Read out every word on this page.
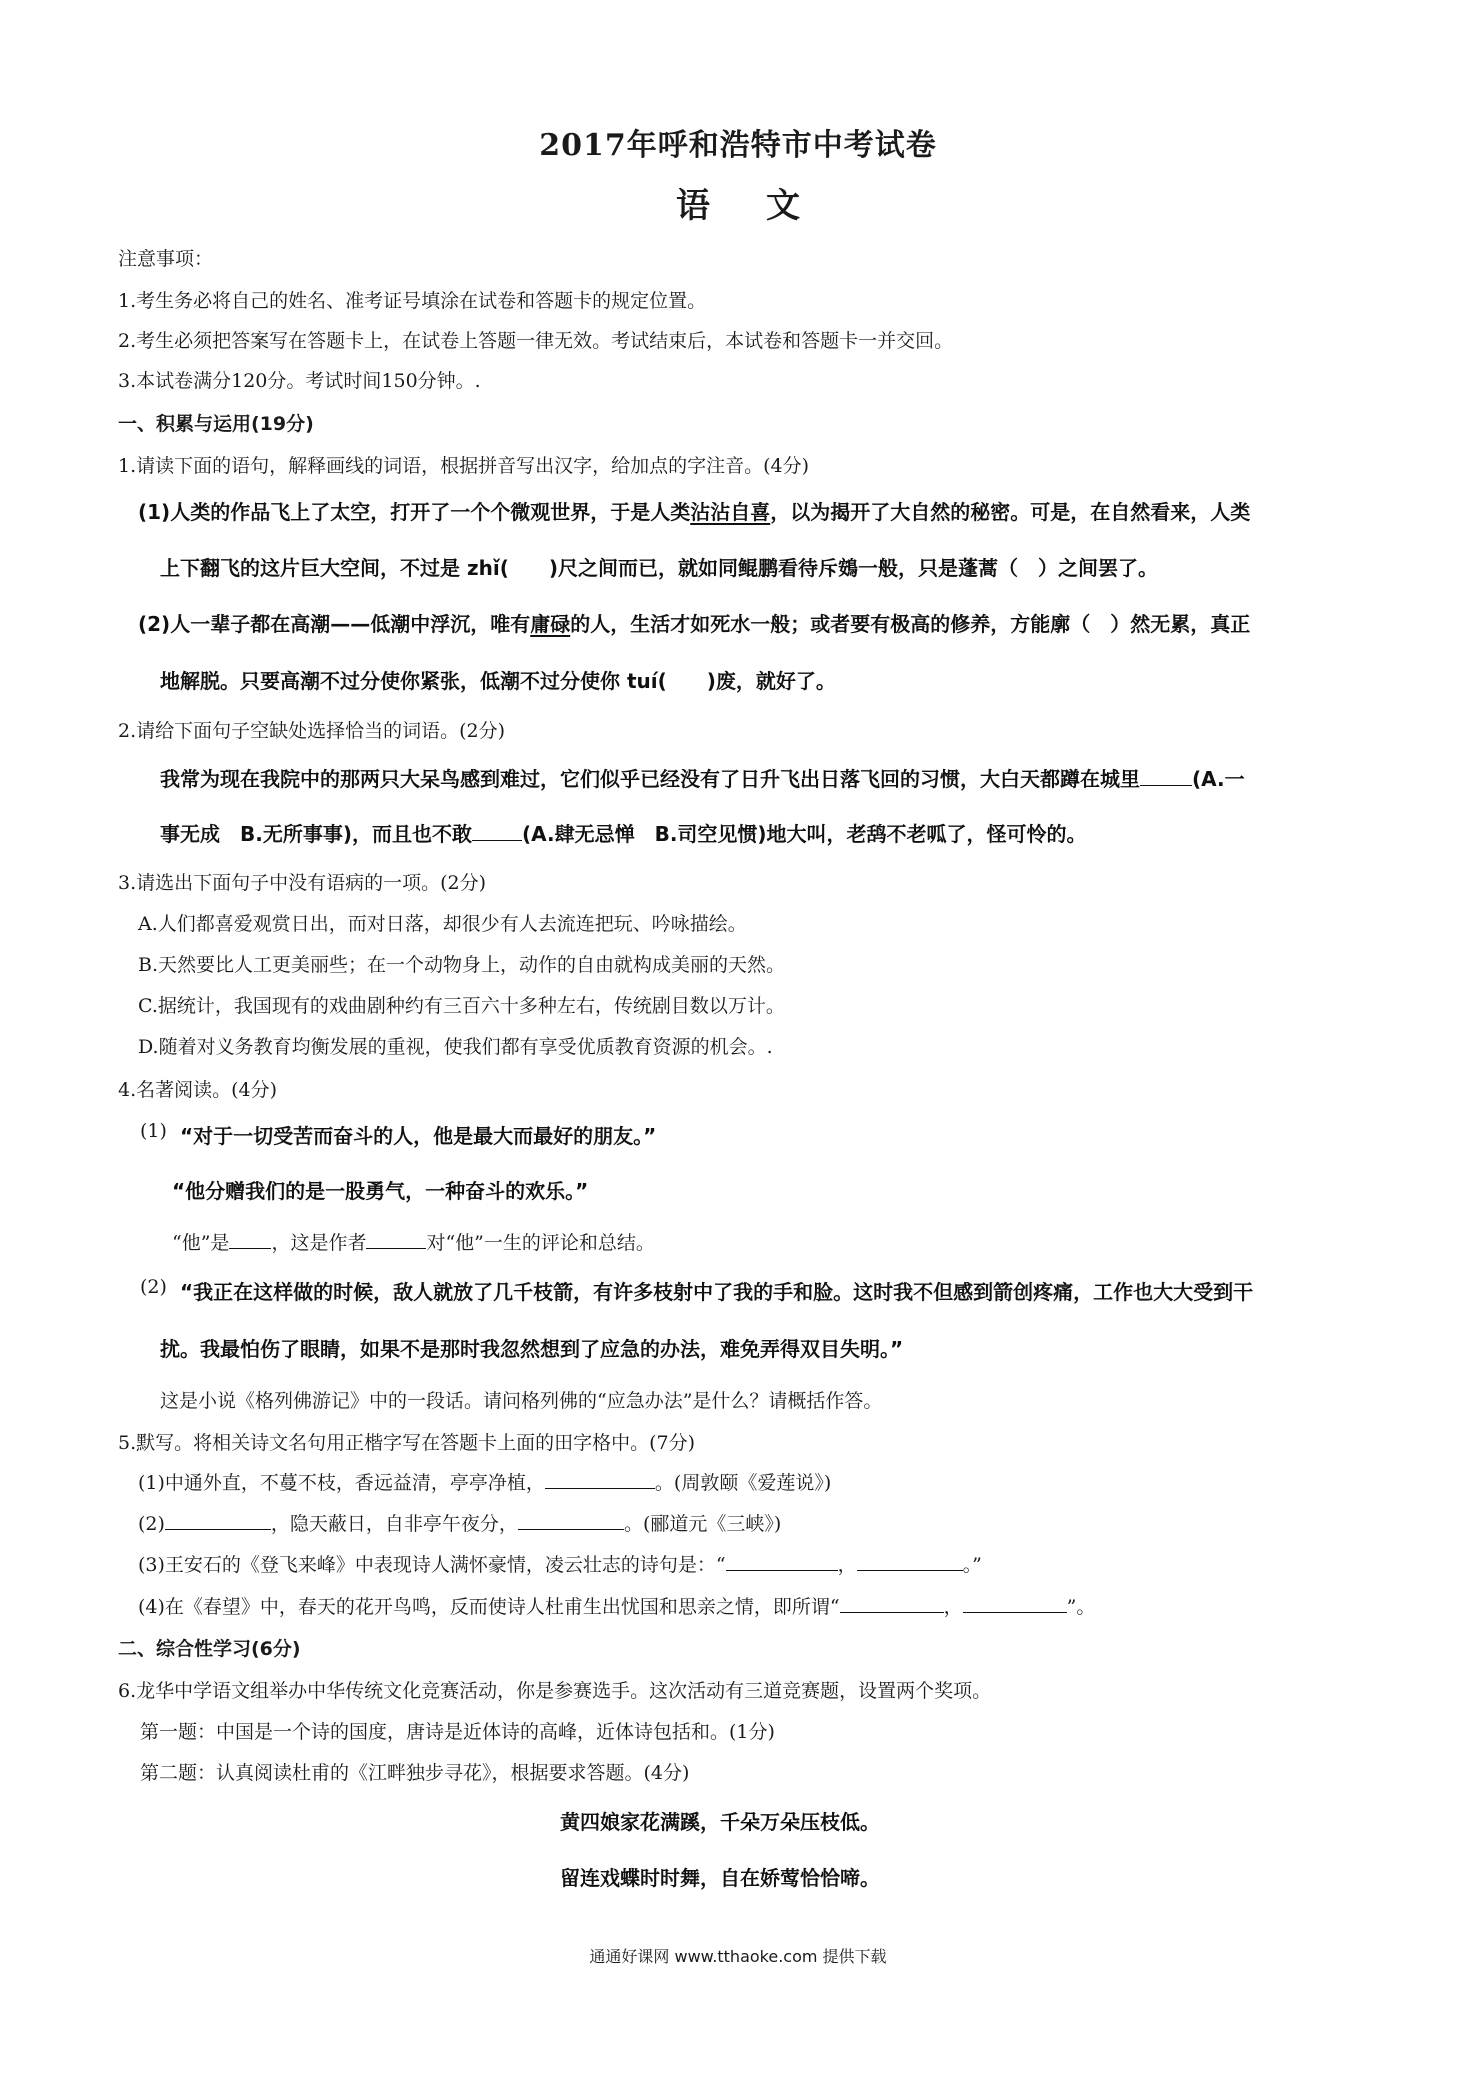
2017年呼和浩特市中考试卷
语文
注意事项：
1.考生务必将自己的姓名、准考证号填涂在试卷和答题卡的规定位置。
2.考生必须把答案写在答题卡上，在试卷上答题一律无效。考试结束后，本试卷和答题卡一并交回。
3.本试卷满分120分。考试时间150分钟。.
一、积累与运用(19分)
1.请读下面的语句，解释画线的词语，根据拼音写出汉字，给加点的字注音。(4分)
(1)人类的作品飞上了太空，打开了一个个微观世界，于是人类沾沾自喜，以为揭开了大自然的秘密。可是，在自然看来，人类
上下翻飞的这片巨大空间，不过是 zhǐ(　　)尺之间而已，就如同鲲鹏看待斥鴳一般，只是蓬蒿（　）之间罢了。
(2)人一辈子都在高潮——低潮中浮沉，唯有庸碌的人，生活才如死水一般；或者要有极高的修养，方能廓（　）然无累，真正
地解脱。只要高潮不过分使你紧张，低潮不过分使你 tuí(　　)废，就好了。
2.请给下面句子空缺处选择恰当的词语。(2分)
我常为现在我院中的那两只大呆鸟感到难过，它们似乎已经没有了日升飞出日落飞回的习惯，大白天都蹲在城里	(A.一
事无成　B.无所事事)，而且也不敢	(A.肆无忌惮　B.司空见惯)地大叫，老鸹不老呱了，怪可怜的。
3.请选出下面句子中没有语病的一项。(2分)
A.人们都喜爱观赏日出，而对日落，却很少有人去流连把玩、吟咏描绘。
B.天然要比人工更美丽些；在一个动物身上，动作的自由就构成美丽的天然。
C.据统计，我国现有的戏曲剧种约有三百六十多种左右，传统剧目数以万计。
D.随着对义务教育均衡发展的重视，使我们都有享受优质教育资源的机会。.
4.名著阅读。(4分)
(1) “对于一切受苦而奋斗的人，他是最大而最好的朋友。”
“他分赠我们的是一股勇气，一种奋斗的欢乐。”
“他”是 ，这是作者	对“他”一生的评论和总结。
(2) “我正在这样做的时候，敌人就放了几千枝箭，有许多枝射中了我的手和脸。这时我不但感到箭创疼痛，工作也大大受到干
扰。我最怕伤了眼睛，如果不是那时我忽然想到了应急的办法，难免弄得双目失明。”
这是小说《格列佛游记》中的一段话。请问格列佛的“应急办法”是什么？请概括作答。
5.默写。将相关诗文名句用正楷字写在答题卡上面的田字格中。(7分)
(1)中通外直，不蔓不枝，香远益清，亭亭净植，	。(周敦颐《爱莲说》)
(2)	，隐天蔽日，自非亭午夜分，	。(郦道元《三峡》)
(3)王安石的《登飞来峰》中表现诗人满怀豪情，凌云壮志的诗句是：“	，	。”
(4)在《春望》中，春天的花开鸟鸣，反而使诗人杜甫生出忧国和思亲之情，即所谓“	，	”。
二、综合性学习(6分)
6.龙华中学语文组举办中华传统文化竞赛活动，你是参赛选手。这次活动有三道竞赛题，设置两个奖项。
第一题：中国是一个诗的国度，唐诗是近体诗的高峰，近体诗包括和。(1分)
第二题：认真阅读杜甫的《江畔独步寻花》，根据要求答题。(4分)
黄四娘家花满蹊，千朵万朵压枝低。
留连戏蝶时时舞，自在娇莺恰恰啼。
通通好课网 www.tthaoke.com 提供下载
